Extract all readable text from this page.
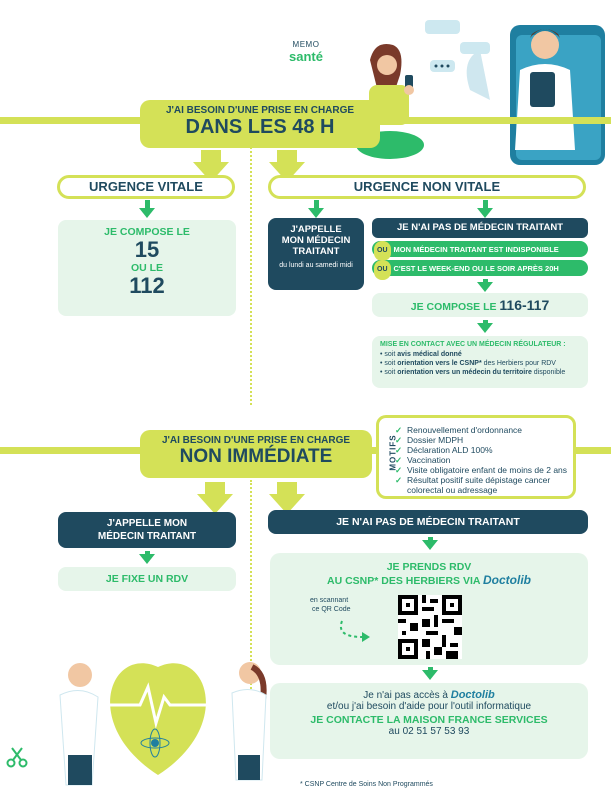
MEMO
santé
J'AI BESOIN D'UNE PRISE EN CHARGE
DANS LES 48 H
URGENCE VITALE
JE COMPOSE LE
15
OU LE
112
URGENCE NON VITALE
J'APPELLE
MON MÉDECIN
TRAITANT
du lundi au samedi midi
JE N'AI PAS DE MÉDECIN TRAITANT
OU MON MÉDECIN TRAITANT EST INDISPONIBLE
OU C'EST LE WEEK-END OU LE SOIR APRÈS 20H
JE COMPOSE LE 116-117
MISE EN CONTACT AVEC UN MÉDECIN RÉGULATEUR :
• soit avis médical donné
• soit orientation vers le CSNP* des Herbiers pour RDV
• soit orientation vers un médecin du territoire disponible
J'AI BESOIN D'UNE PRISE EN CHARGE
NON IMMÉDIATE	MOTIFS
✓ Renouvellement d'ordonnance
✓ Dossier MDPH
✓ Déclaration ALD 100%
✓ Vaccination
✓ Visite obligatoire enfant de moins de 2 ans
✓ Résultat positif suite dépistage cancer colorectal ou adressage
J'APPELLE MON
MÉDECIN TRAITANT
JE FIXE UN RDV
JE N'AI PAS DE MÉDECIN TRAITANT
JE PRENDS RDV
AU CSNP* DES HERBIERS VIA Doctolib
en scannant
ce QR Code
Je n'ai pas accès à Doctolib
et/ou j'ai besoin d'aide pour l'outil informatique
JE CONTACTE LA MAISON FRANCE SERVICES
au 02 51 57 53 93
* CSNP Centre de Soins Non Programmés
